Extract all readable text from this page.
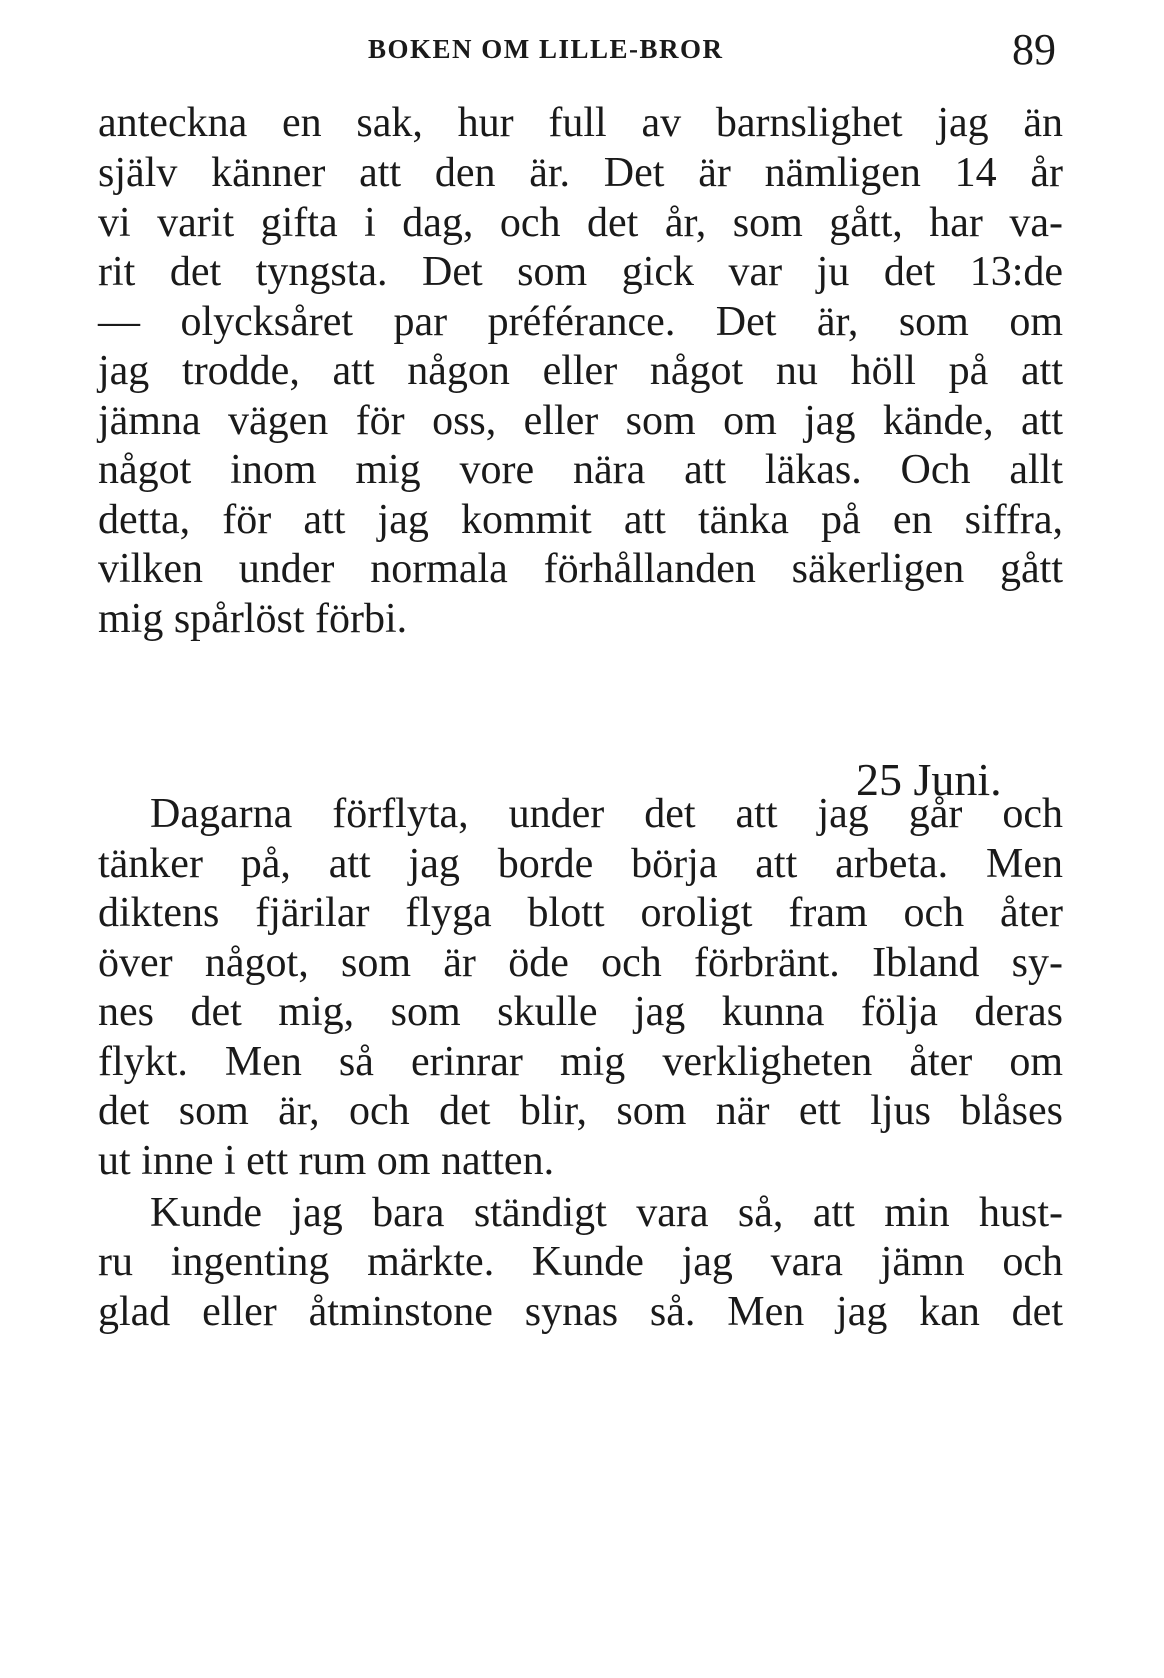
BOKEN OM LILLE-BROR	89
anteckna en sak, hur full av barnslighet jag än
själv känner att den är. Det är nämligen 14 år
vi varit gifta i dag, och det år, som gått, har va-
rit det tyngsta. Det som gick var ju det 13:de
— olycksåret par préférance. Det är, som om
jag trodde, att någon eller något nu höll på att
jämna vägen för oss, eller som om jag kände, att
något inom mig vore nära att läkas. Och allt
detta, för att jag kommit att tänka på en siffra,
vilken under normala förhållanden säkerligen gått
mig spårlöst förbi.
25 Juni.
Dagarna förflyta, under det att jag går och
tänker på, att jag borde börja att arbeta. Men
diktens fjärilar flyga blott oroligt fram och åter
över något, som är öde och förbränt. Ibland sy-
nes det mig, som skulle jag kunna följa deras
flykt. Men så erinrar mig verkligheten åter om
det som är, och det blir, som när ett ljus blåses
ut inne i ett rum om natten.
Kunde jag bara ständigt vara så, att min hust-
ru ingenting märkte. Kunde jag vara jämn och
glad eller åtminstone synas så. Men jag kan det
